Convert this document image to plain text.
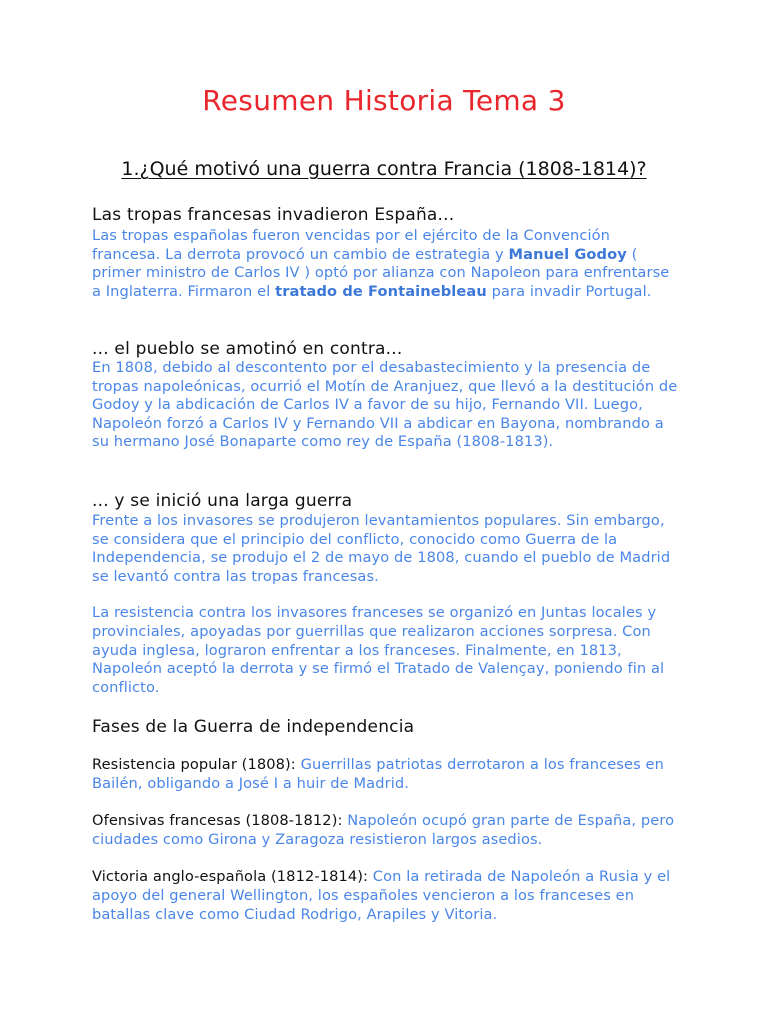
Resumen Historia Tema 3
1.¿Qué motivó una guerra contra Francia (1808-1814)?
Las tropas francesas invadieron España...

Las tropas españolas fueron vencidas por el ejército de la Convención francesa. La derrota provocó un cambio de estrategia y Manuel Godoy ( primer ministro de Carlos IV ) optó por alianza con Napoleon para enfrentarse a Inglaterra. Firmaron el tratado de Fontainebleau para invadir Portugal.

... el pueblo se amotinó en contra...

En 1808, debido al descontento por el desabastecimiento y la presencia de tropas napoleónicas, ocurrió el Motín de Aranjuez, que llevó a la destitución de Godoy y la abdicación de Carlos IV a favor de su hijo, Fernando VII. Luego, Napoleón forzó a Carlos IV y Fernando VII a abdicar en Bayona, nombrando a su hermano José Bonaparte como rey de España (1808-1813).

... y se inició una larga guerra

Frente a los invasores se produjeron levantamientos populares. Sin embargo, se considera que el principio del conflicto, conocido como Guerra de la Independencia, se produjo el 2 de mayo de 1808, cuando el pueblo de Madrid se levantó contra las tropas francesas.

La resistencia contra los invasores franceses se organizó en Juntas locales y provinciales, apoyadas por guerrillas que realizaron acciones sorpresa. Con ayuda inglesa, lograron enfrentar a los franceses. Finalmente, en 1813, Napoleón aceptó la derrota y se firmó el Tratado de Valençay, poniendo fin al conflicto.

Fases de la Guerra de independencia

Resistencia popular (1808): Guerrillas patriotas derrotaron a los franceses en Bailén, obligando a José I a huir de Madrid.

Ofensivas francesas (1808-1812): Napoleón ocupó gran parte de España, pero ciudades como Girona y Zaragoza resistieron largos asedios.

Victoria anglo-española (1812-1814): Con la retirada de Napoleón a Rusia y el apoyo del general Wellington, los españoles vencieron a los franceses en batallas clave como Ciudad Rodrigo, Arapiles y Vitoria.
